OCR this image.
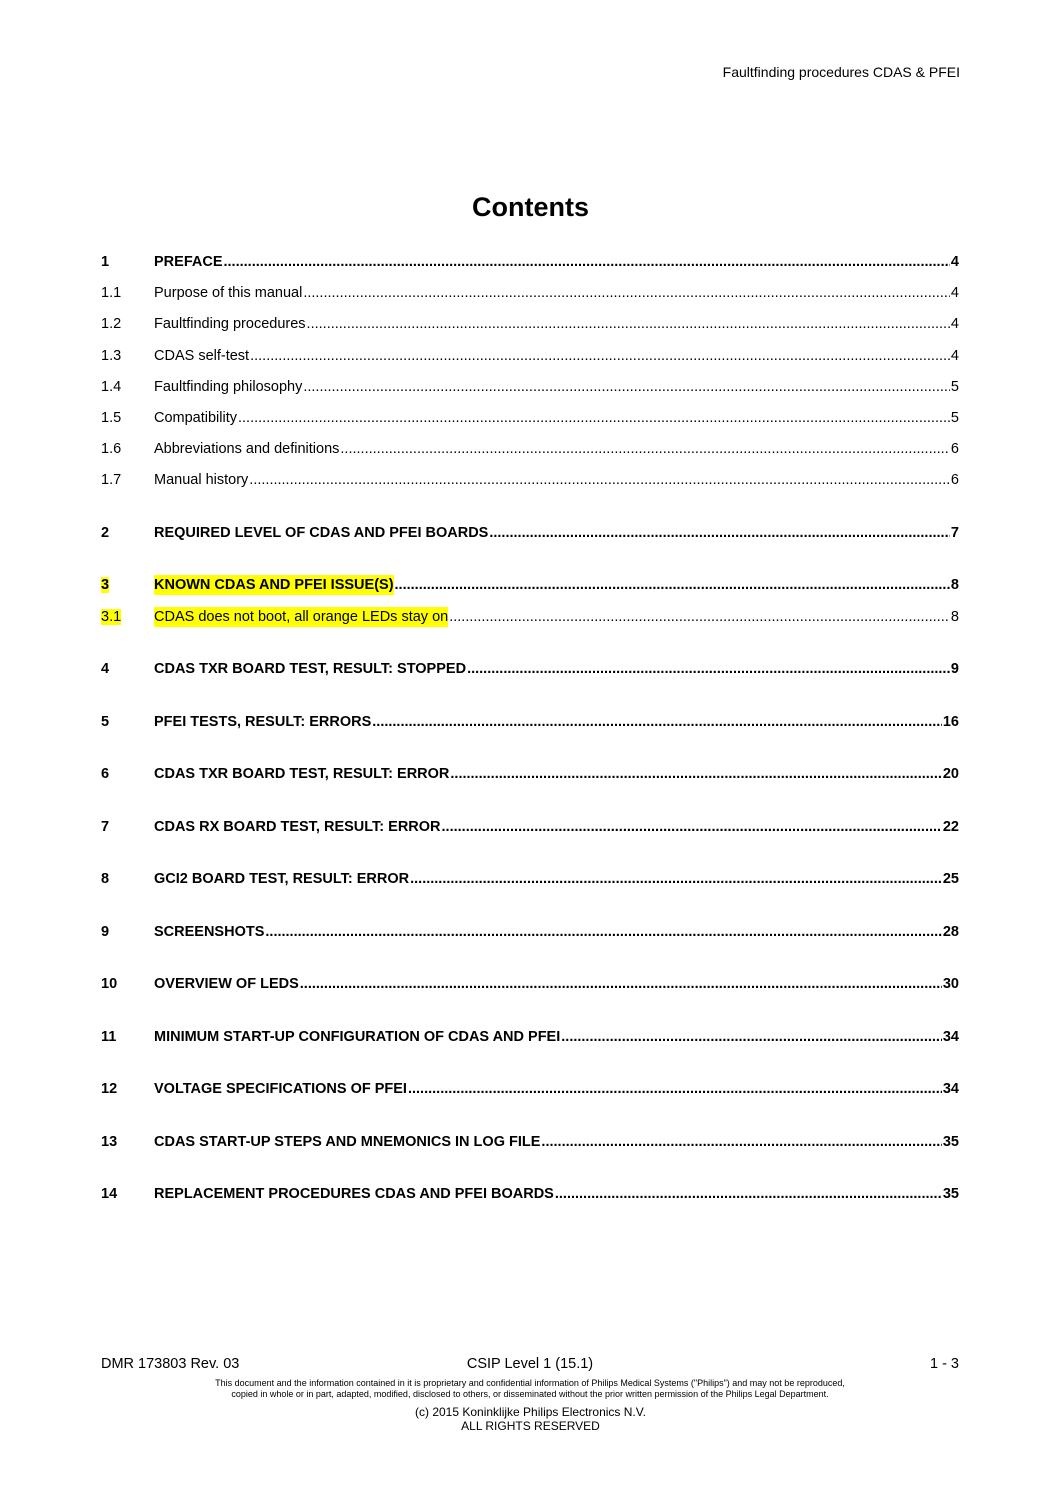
Faultfinding procedures CDAS & PFEI
Contents
1	PREFACE .....	4
1.1	Purpose of this manual .....	4
1.2	Faultfinding procedures .....	4
1.3	CDAS self-test .....	4
1.4	Faultfinding philosophy .....	5
1.5	Compatibility .....	5
1.6	Abbreviations and definitions .....	6
1.7	Manual history .....	6
2	REQUIRED LEVEL OF CDAS AND PFEI BOARDS .....	7
3	KNOWN CDAS AND PFEI ISSUE(S) .....	8
3.1	CDAS does not boot, all orange LEDs stay on .....	8
4	CDAS TXR BOARD TEST, RESULT: STOPPED .....	9
5	PFEI TESTS, RESULT: ERRORS .....	16
6	CDAS TXR BOARD TEST, RESULT: ERROR .....	20
7	CDAS RX BOARD TEST, RESULT: ERROR .....	22
8	GCI2 BOARD TEST, RESULT: ERROR .....	25
9	SCREENSHOTS .....	28
10	OVERVIEW OF LEDS .....	30
11	MINIMUM START-UP CONFIGURATION OF CDAS AND PFEI .....	34
12	VOLTAGE SPECIFICATIONS OF PFEI .....	34
13	CDAS START-UP STEPS AND MNEMONICS IN LOG FILE .....	35
14	REPLACEMENT PROCEDURES CDAS AND PFEI BOARDS .....	35
DMR 173803 Rev. 03	CSIP Level 1 (15.1)	1 - 3
This document and the information contained in it is proprietary and confidential information of Philips Medical Systems ("Philips") and may not be reproduced,
copied in whole or in part, adapted, modified, disclosed to others, or disseminated without the prior written permission of the Philips Legal Department.
(c) 2015 Koninklijke Philips Electronics N.V.
ALL RIGHTS RESERVED
